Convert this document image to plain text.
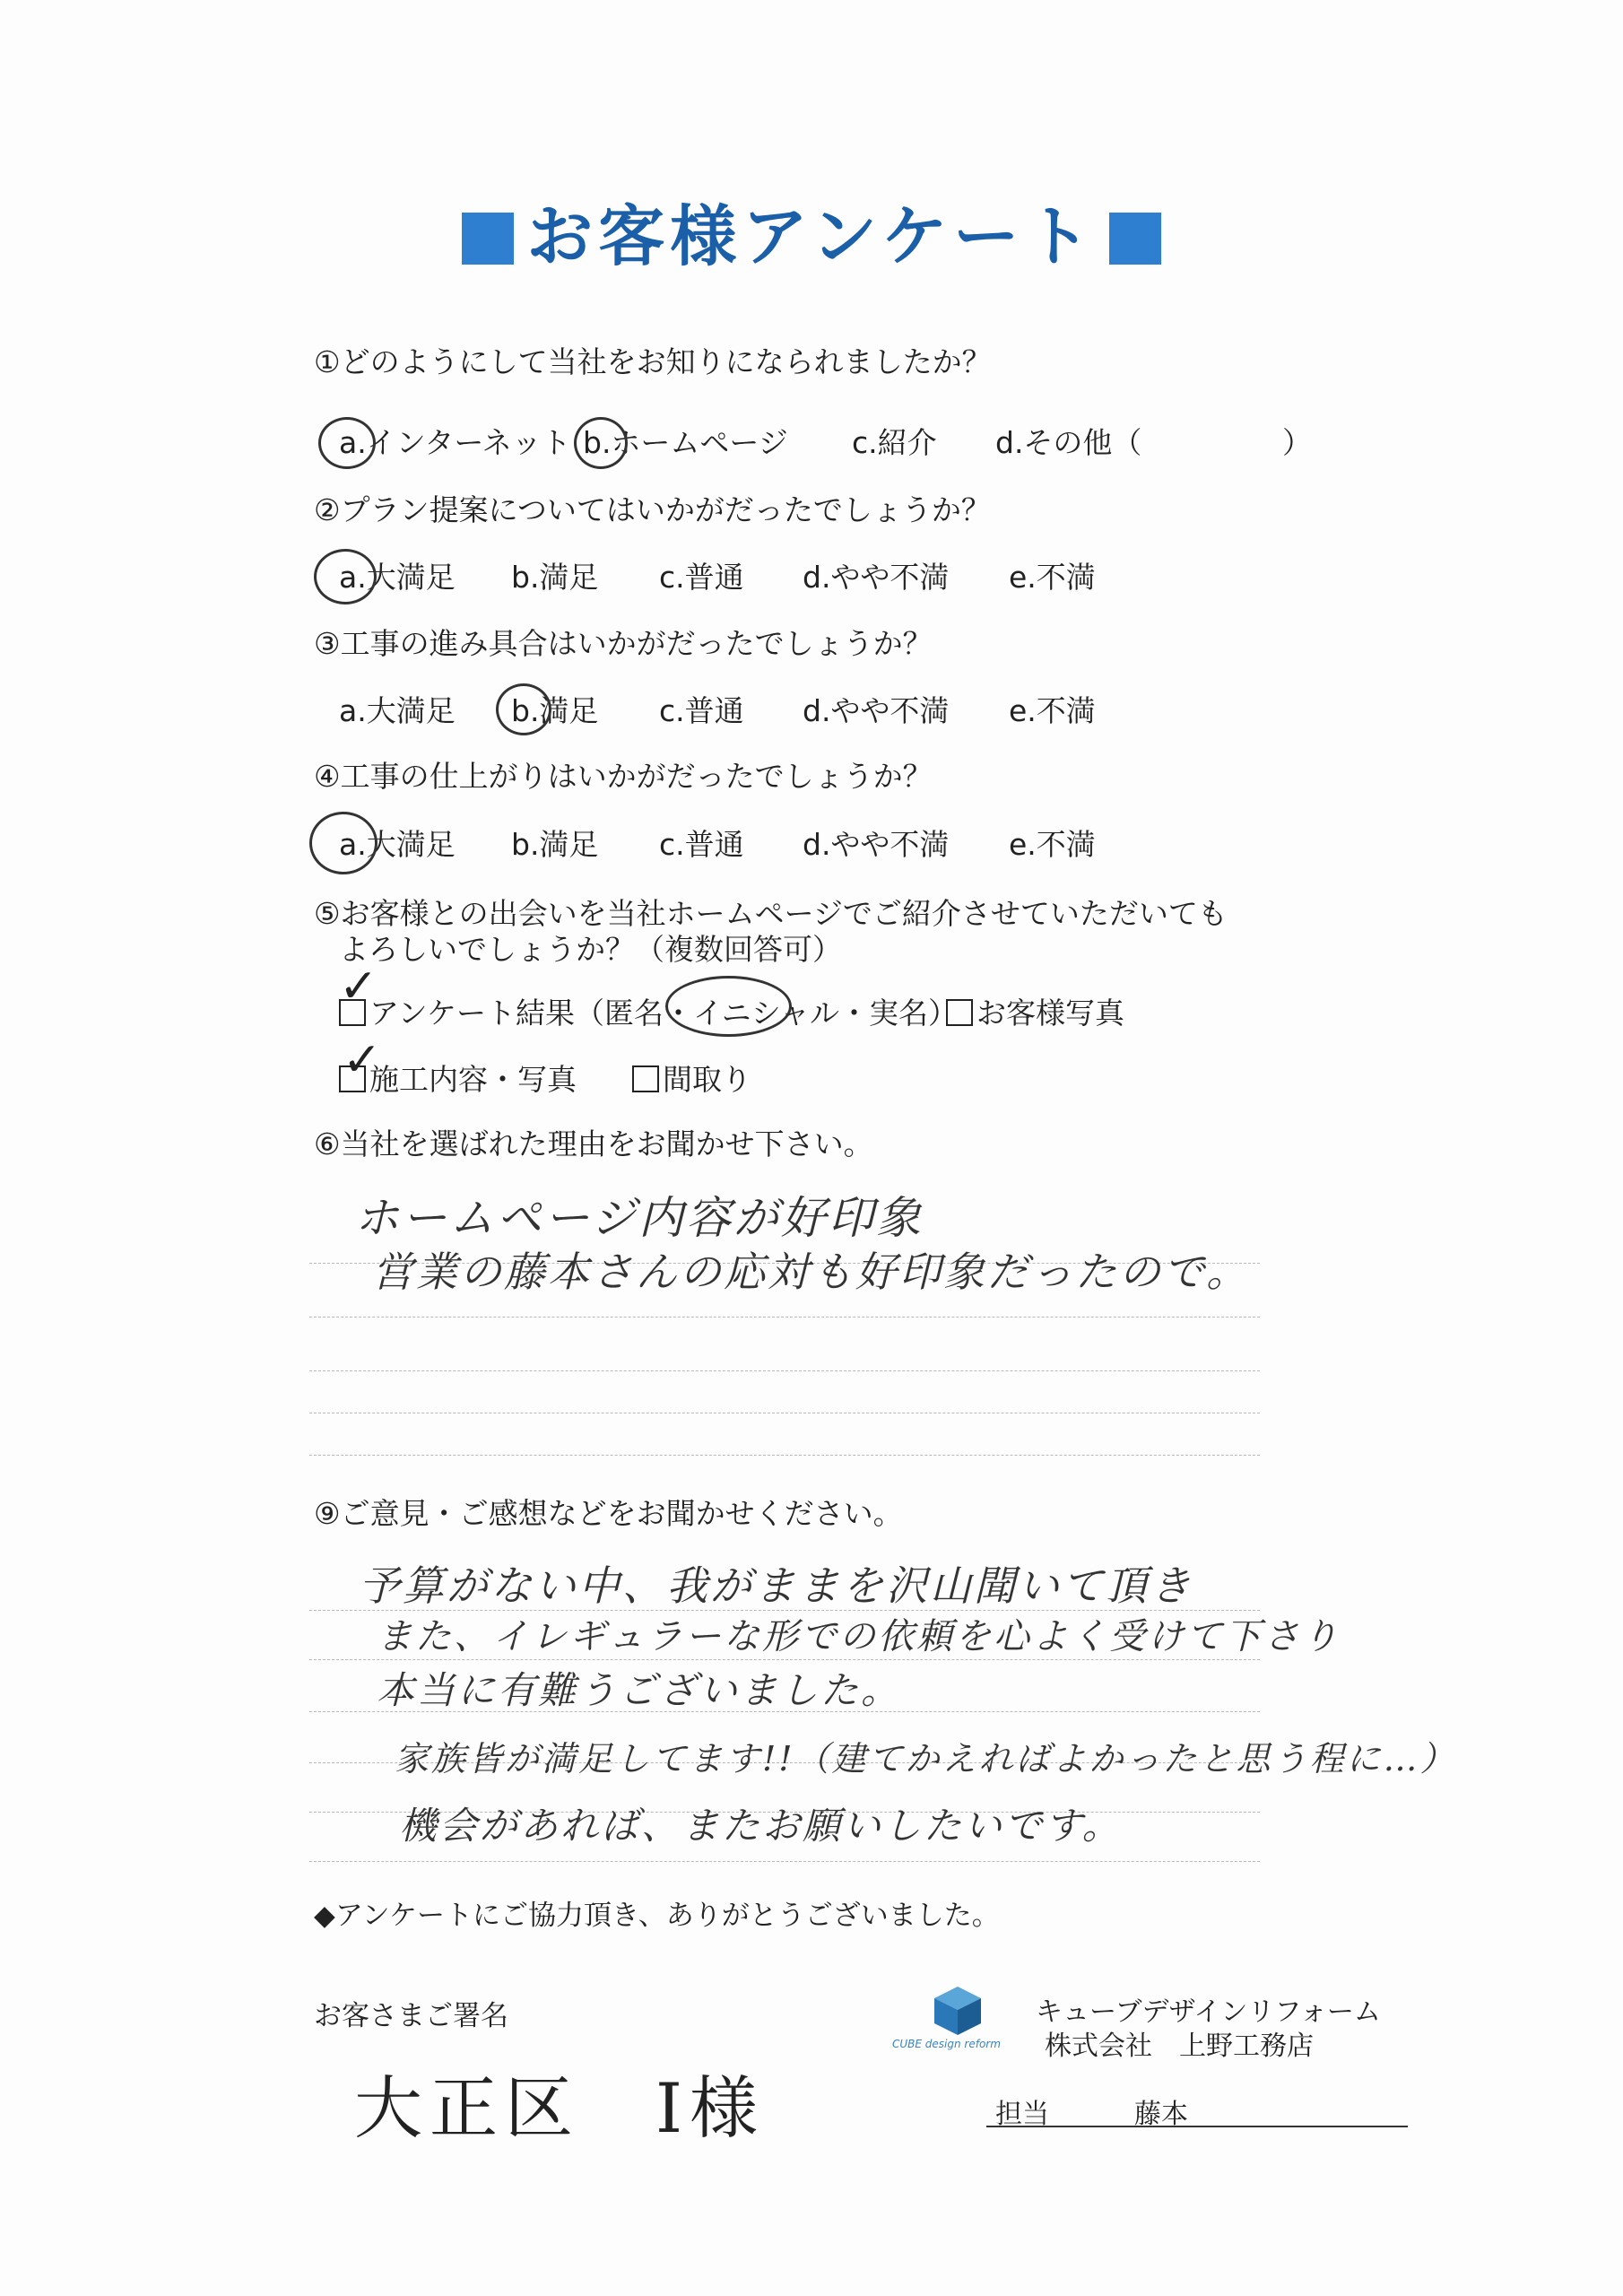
お客様アンケート
①どのようにして当社をお知りになられましたか？
a.インターネット b.ホームページ c.紹介 d.その他（	）
②プラン提案についてはいかがだったでしょうか？
a.大満足 b.満足 c.普通 d.やや不満 e.不満
③工事の進み具合はいかがだったでしょうか？
a.大満足 b.満足 c.普通 d.やや不満 e.不満
④工事の仕上がりはいかがだったでしょうか？
a.大満足 b.満足 c.普通 d.やや不満 e.不満
⑤お客様との出会いを当社ホームページでご紹介させていただいても
よろしいでしょうか？（複数回答可）
アンケート結果（匿名・イニシャル・実名） お客様写真
施工内容・写真	間取り
✓
✓
⑥当社を選ばれた理由をお聞かせ下さい。
ホームページ内容が好印象
営業の藤本さんの応対も好印象だったので。
⑨ご意見・ご感想などをお聞かせください。
予算がない中、我がままを沢山聞いて頂き
また、イレギュラーな形での依頼を心よく受けて下さり
本当に有難うございました。
家族皆が満足してます!!（建てかえればよかったと思う程に…）
機会があれば、またお願いしたいです。
◆アンケートにご協力頂き、ありがとうございました。
お客さまご署名
大正区　I様
CUBE design reform
キューブデザインリフォーム
株式会社　上野工務店
担当	藤本
